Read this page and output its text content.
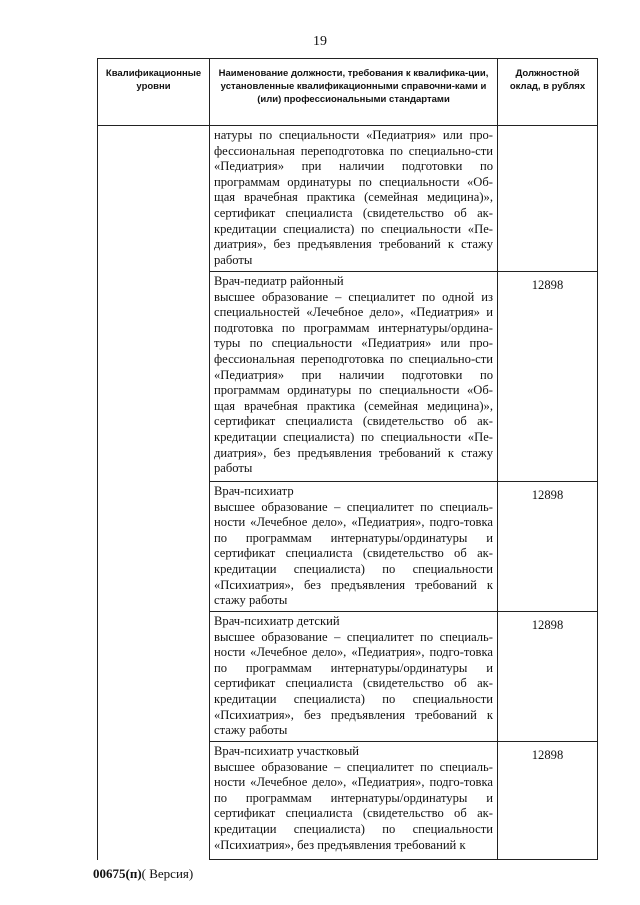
19
Квалификационные уровни	Наименование должности, требования к квалифика-ции, установленные квалификационными справочни-ками и (или) профессиональными стандартами	Должностной оклад, в рублях

	натуры по специальности «Педиатрия» или про-фессиональная переподготовка по специально-сти «Педиатрия» при наличии подготовки по программам ординатуры по специальности «Об-щая врачебная практика (семейная медицина)», сертификат специалиста (свидетельство об ак-кредитации специалиста) по специальности «Пе-диатрия», без предъявления требований к стажу работы	

	Врач-педиатр районный
высшее образование – специалитет по одной из специальностей «Лечебное дело», «Педиатрия» и подготовка по программам интернатуры/ордина-туры по специальности «Педиатрия» или про-фессиональная переподготовка по специально-сти «Педиатрия» при наличии подготовки по программам ординатуры по специальности «Об-щая врачебная практика (семейная медицина)», сертификат специалиста (свидетельство об ак-кредитации специалиста) по специальности «Пе-диатрия», без предъявления требований к стажу работы	12898

	Врач-психиатр
высшее образование – специалитет по специаль-ности «Лечебное дело», «Педиатрия», подго-товка по программам интернатуры/ординатуры и сертификат специалиста (свидетельство об ак-кредитации специалиста) по специальности «Психиатрия», без предъявления требований к стажу работы	12898

	Врач-психиатр детский
высшее образование – специалитет по специаль-ности «Лечебное дело», «Педиатрия», подго-товка по программам интернатуры/ординатуры и сертификат специалиста (свидетельство об ак-кредитации специалиста) по специальности «Психиатрия», без предъявления требований к стажу работы	12898

	Врач-психиатр участковый
высшее образование – специалитет по специаль-ности «Лечебное дело», «Педиатрия», подго-товка по программам интернатуры/ординатуры и сертификат специалиста (свидетельство об ак-кредитации специалиста) по специальности «Психиатрия», без предъявления требований к	12898
00675(п)( Версия)
